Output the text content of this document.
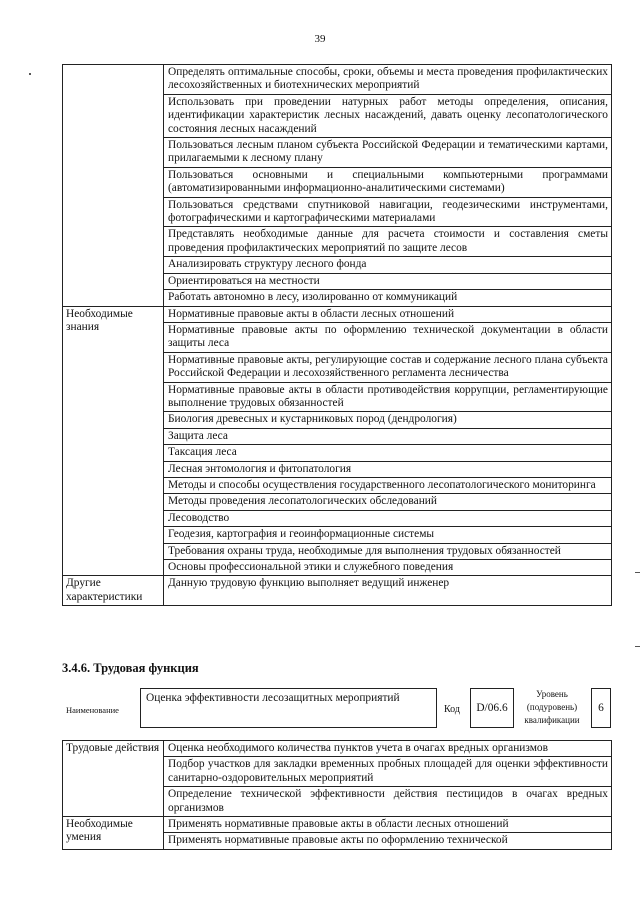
39
	Определять оптимальные способы, сроки, объемы и места проведения профилактических лесохозяйственных и биотехнических мероприятий
	Использовать при проведении натурных работ методы определения, описания, идентификации характеристик лесных насаждений, давать оценку лесопатологического состояния лесных насаждений
	Пользоваться лесным планом субъекта Российской Федерации и тематическими картами, прилагаемыми к лесному плану
	Пользоваться основными и специальными компьютерными программами (автоматизированными информационно-аналитическими системами)
	Пользоваться средствами спутниковой навигации, геодезическими инструментами, фотографическими и картографическими материалами
	Представлять необходимые данные для расчета стоимости и составления сметы проведения профилактических мероприятий по защите лесов
	Анализировать структуру лесного фонда
	Ориентироваться на местности
	Работать автономно в лесу, изолированно от коммуникаций
Необходимые знания	Нормативные правовые акты в области лесных отношений
	Нормативные правовые акты по оформлению технической документации в области защиты леса
	Нормативные правовые акты, регулирующие состав и содержание лесного плана субъекта Российской Федерации и лесохозяйственного регламента лесничества
	Нормативные правовые акты в области противодействия коррупции, регламентирующие выполнение трудовых обязанностей
	Биология древесных и кустарниковых пород (дендрология)
	Защита леса
	Таксация леса
	Лесная энтомология и фитопатология
	Методы и способы осуществления государственного лесопатологического мониторинга
	Методы проведения лесопатологических обследований
	Лесоводство
	Геодезия, картография и геоинформационные системы
	Требования охраны труда, необходимые для выполнения трудовых обязанностей
	Основы профессиональной этики и служебного поведения
Другие характеристики	Данную трудовую функцию выполняет ведущий инженер
3.4.6. Трудовая функция
Наименование
Оценка эффективности лесозащитных мероприятий
Код	D/06.6
Уровень (подуровень) квалификации
6
Трудовые действия	Оценка необходимого количества пунктов учета в очагах вредных организмов
	Подбор участков для закладки временных пробных площадей для оценки эффективности санитарно-оздоровительных мероприятий
	Определение технической эффективности действия пестицидов в очагах вредных организмов
Необходимые умения	Применять нормативные правовые акты в области лесных отношений
	Применять нормативные правовые акты по оформлению технической
